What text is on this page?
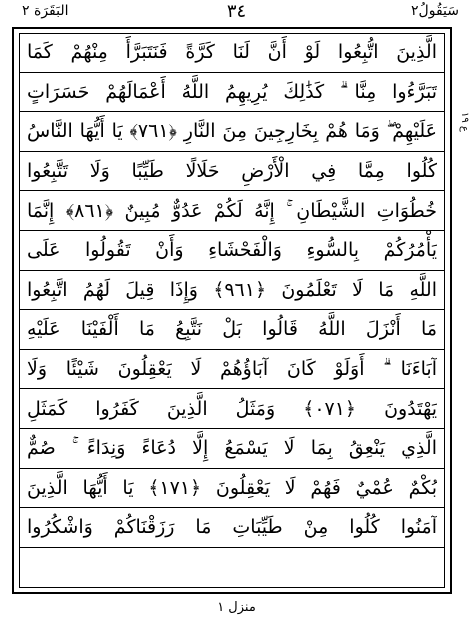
سَيَقُولُ٢
٣٤
البَقَرَة ٢
الَّذِينَ اتُّبِعُوا لَوْ أَنَّ لَنَا كَرَّةً فَنَتَبَرَّأَ مِنْهُمْ كَمَا
تَبَرَّءُوا مِنَّا ۗ كَذَٰلِكَ يُرِيهِمُ اللَّهُ أَعْمَالَهُمْ حَسَرَاتٍ
عَلَيْهِمْ ۖ وَمَا هُمْ بِخَارِجِينَ مِنَ النَّارِ ﴿١٦٧﴾ يَا أَيُّهَا النَّاسُ
كُلُوا مِمَّا فِي الْأَرْضِ حَلَالًا طَيِّبًا وَلَا تَتَّبِعُوا
خُطُوَاتِ الشَّيْطَانِ ۚ إِنَّهُ لَكُمْ عَدُوٌّ مُبِينٌ ﴿١٦٨﴾ إِنَّمَا
يَأْمُرُكُمْ بِالسُّوءِ وَالْفَحْشَاءِ وَأَنْ تَقُولُوا عَلَى
اللَّهِ مَا لَا تَعْلَمُونَ ﴿١٦٩﴾ وَإِذَا قِيلَ لَهُمُ اتَّبِعُوا
مَا أَنْزَلَ اللَّهُ قَالُوا بَلْ نَتَّبِعُ مَا أَلْفَيْنَا عَلَيْهِ
آبَاءَنَا ۗ أَوَلَوْ كَانَ آبَاؤُهُمْ لَا يَعْقِلُونَ شَيْئًا وَلَا
يَهْتَدُونَ ﴿١٧٠﴾ وَمَثَلُ الَّذِينَ كَفَرُوا كَمَثَلِ
الَّذِي يَنْعِقُ بِمَا لَا يَسْمَعُ إِلَّا دُعَاءً وَنِدَاءً ۚ صُمٌّ
بُكْمٌ عُمْيٌ فَهُمْ لَا يَعْقِلُونَ ﴿١٧١﴾ يَا أَيُّهَا الَّذِينَ
آمَنُوا كُلُوا مِنْ طَيِّبَاتِ مَا رَزَقْنَاكُمْ وَاشْكُرُوا
ع ١٩
منزل ١
